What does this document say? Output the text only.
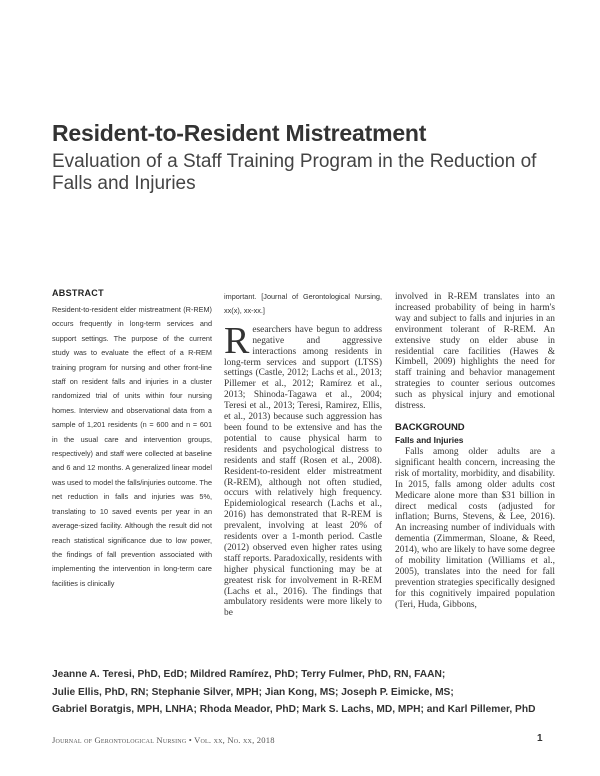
Resident-to-Resident Mistreatment
Evaluation of a Staff Training Program in the Reduction of Falls and Injuries
ABSTRACT
Resident-to-resident elder mistreatment (R-REM) occurs frequently in long-term services and support settings. The purpose of the current study was to evaluate the effect of a R-REM training program for nursing and other front-line staff on resident falls and injuries in a cluster randomized trial of units within four nursing homes. Interview and observational data from a sample of 1,201 residents (n = 600 and n = 601 in the usual care and intervention groups, respectively) and staff were collected at baseline and 6 and 12 months. A generalized linear model was used to model the falls/injuries outcome. The net reduction in falls and injuries was 5%, translating to 10 saved events per year in an average-sized facility. Although the result did not reach statistical significance due to low power, the findings of fall prevention associated with implementing the intervention in long-term care facilities is clinically
important. [Journal of Gerontological Nursing, xx(x), xx-xx.]

Researchers have begun to address negative and aggressive interactions among residents in long-term services and support (LTSS) settings (Castle, 2012; Lachs et al., 2013; Pillemer et al., 2012; Ramírez et al., 2013; Shinoda-Tagawa et al., 2004; Teresi et al., 2013; Teresi, Ramirez, Ellis, et al., 2013) because such aggression has been found to be extensive and has the potential to cause physical harm to residents and psychological distress to residents and staff (Rosen et al., 2008). Resident-to-resident elder mistreatment (R-REM), although not often studied, occurs with relatively high frequency. Epidemiological research (Lachs et al., 2016) has demonstrated that R-REM is prevalent, involving at least 20% of residents over a 1-month period. Castle (2012) observed even higher rates using staff reports. Paradoxically, residents with higher physical functioning may be at greatest risk for involvement in R-REM (Lachs et al., 2016). The findings that ambulatory residents were more likely to be

involved in R-REM translates into an increased probability of being in harm's way and subject to falls and injuries in an environment tolerant of R-REM. An extensive study on elder abuse in residential care facilities (Hawes & Kimbell, 2009) highlights the need for staff training and behavior management strategies to counter serious outcomes such as physical injury and emotional distress.

BACKGROUND
Falls and Injuries

Falls among older adults are a significant health concern, increasing the risk of mortality, morbidity, and disability. In 2015, falls among older adults cost Medicare alone more than $31 billion in direct medical costs (adjusted for inflation; Burns, Stevens, & Lee, 2016). An increasing number of individuals with dementia (Zimmerman, Sloane, & Reed, 2014), who are likely to have some degree of mobility limitation (Williams et al., 2005), translates into the need for fall prevention strategies specifically designed for this cognitively impaired population (Teri, Huda, Gibbons,

Jeanne A. Teresi, PhD, EdD; Mildred Ramírez, PhD; Terry Fulmer, PhD, RN, FAAN;
Julie Ellis, PhD, RN; Stephanie Silver, MPH; Jian Kong, MS; Joseph P. Eimicke, MS;
Gabriel Boratgis, MPH, LNHA; Rhoda Meador, PhD; Mark S. Lachs, MD, MPH; and Karl Pillemer, PhD
Journal of Gerontological Nursing • Vol. xx, No. xx, 2018	1
